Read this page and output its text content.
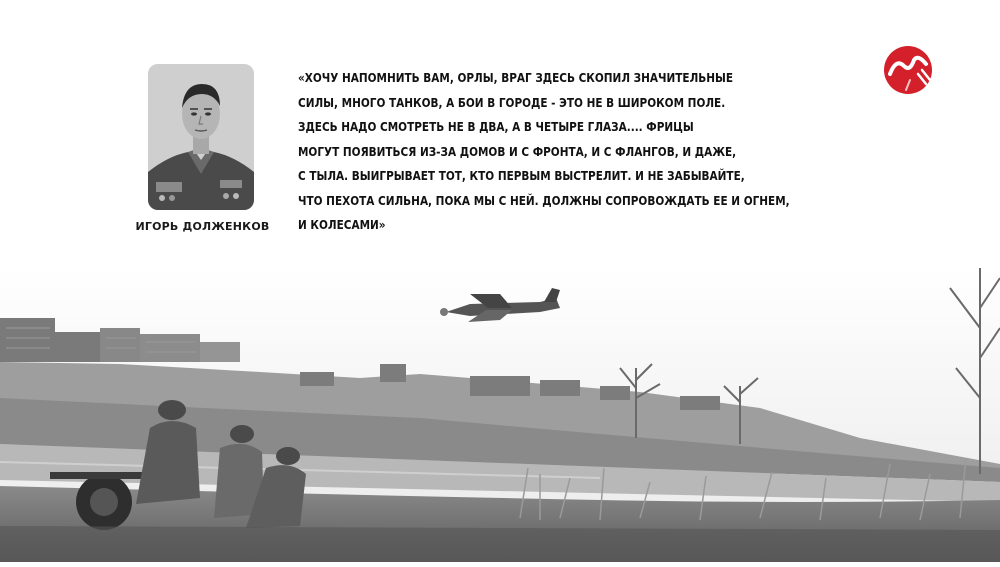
ИГОРЬ ДОЛЖЕНКОВ
«ХОЧУ НАПОМНИТЬ ВАМ, ОРЛЫ, ВРАГ ЗДЕСЬ СКОПИЛ ЗНАЧИТЕЛЬНЫЕ
СИЛЫ, МНОГО ТАНКОВ, А БОИ В ГОРОДЕ - ЭТО НЕ В ШИРОКОМ ПОЛЕ.
ЗДЕСЬ НАДО СМОТРЕТЬ НЕ В ДВА, А В ЧЕТЫРЕ ГЛАЗА.... ФРИЦЫ
МОГУТ ПОЯВИТЬСЯ ИЗ-ЗА ДОМОВ И С ФРОНТА, И С ФЛАНГОВ, И ДАЖЕ,
С ТЫЛА. ВЫИГРЫВАЕТ ТОТ, КТО ПЕРВЫМ ВЫСТРЕЛИТ. И НЕ ЗАБЫВАЙТЕ,
ЧТО ПЕХОТА СИЛЬНА, ПОКА МЫ С НЕЙ. ДОЛЖНЫ СОПРОВОЖДАТЬ ЕЕ И ОГНЕМ,
И КОЛЕСАМИ»
